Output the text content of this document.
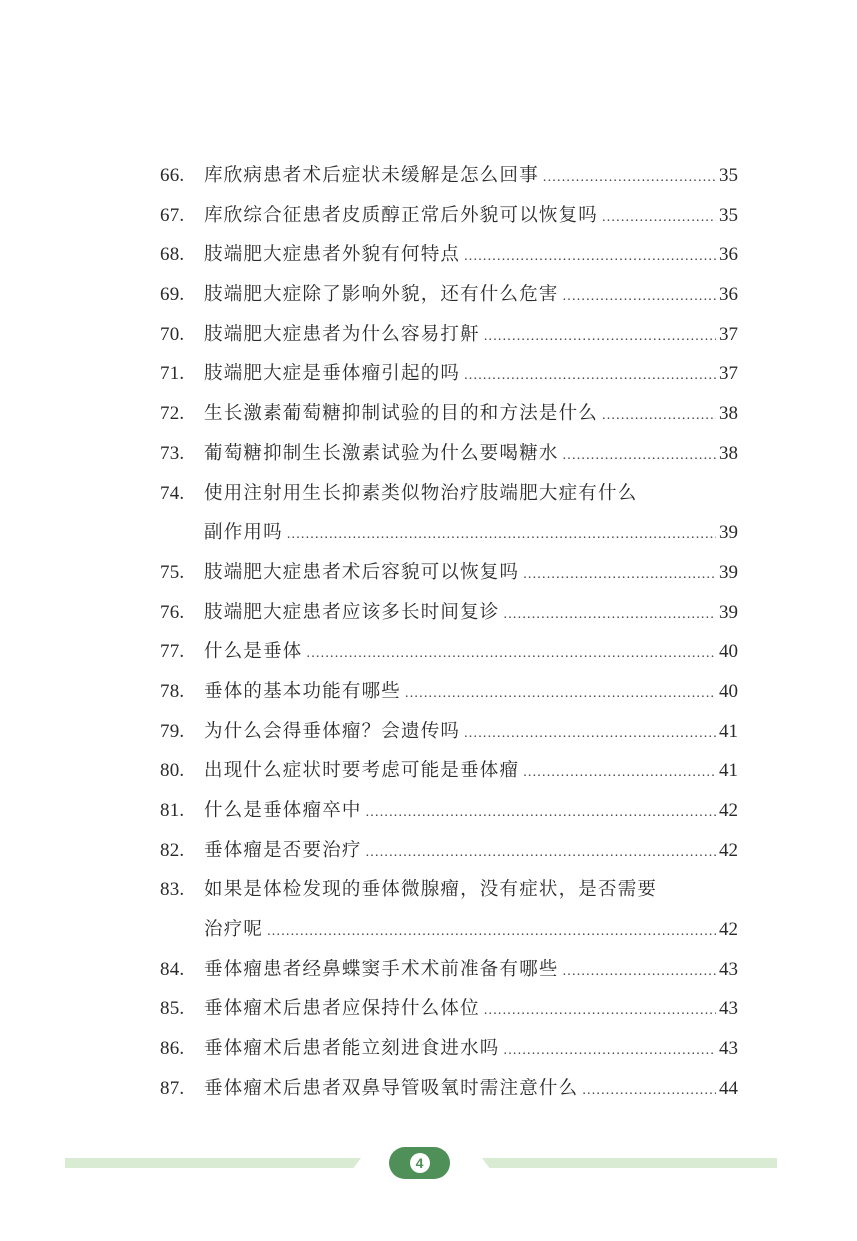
66.	库欣病患者术后症状未缓解是怎么回事 .....	35
67.	库欣综合征患者皮质醇正常后外貌可以恢复吗 .....	35
68.	肢端肥大症患者外貌有何特点 .....	36
69.	肢端肥大症除了影响外貌，还有什么危害 .....	36
70.	肢端肥大症患者为什么容易打鼾 .....	37
71.	肢端肥大症是垂体瘤引起的吗 .....	37
72.	生长激素葡萄糖抑制试验的目的和方法是什么 .....	38
73.	葡萄糖抑制生长激素试验为什么要喝糖水 .....	38
74.	使用注射用生长抑素类似物治疗肢端肥大症有什么
副作用吗 .....	39
75.	肢端肥大症患者术后容貌可以恢复吗 .....	39
76.	肢端肥大症患者应该多长时间复诊 .....	39
77.	什么是垂体 .....	40
78.	垂体的基本功能有哪些 .....	40
79.	为什么会得垂体瘤？会遗传吗 .....	41
80.	出现什么症状时要考虑可能是垂体瘤 .....	41
81.	什么是垂体瘤卒中 .....	42
82.	垂体瘤是否要治疗 .....	42
83.	如果是体检发现的垂体微腺瘤，没有症状，是否需要
治疗呢 .....	42
84.	垂体瘤患者经鼻蝶窦手术术前准备有哪些 .....	43
85.	垂体瘤术后患者应保持什么体位 .....	43
86.	垂体瘤术后患者能立刻进食进水吗 .....	43
87.	垂体瘤术后患者双鼻导管吸氧时需注意什么 .....	44
4
